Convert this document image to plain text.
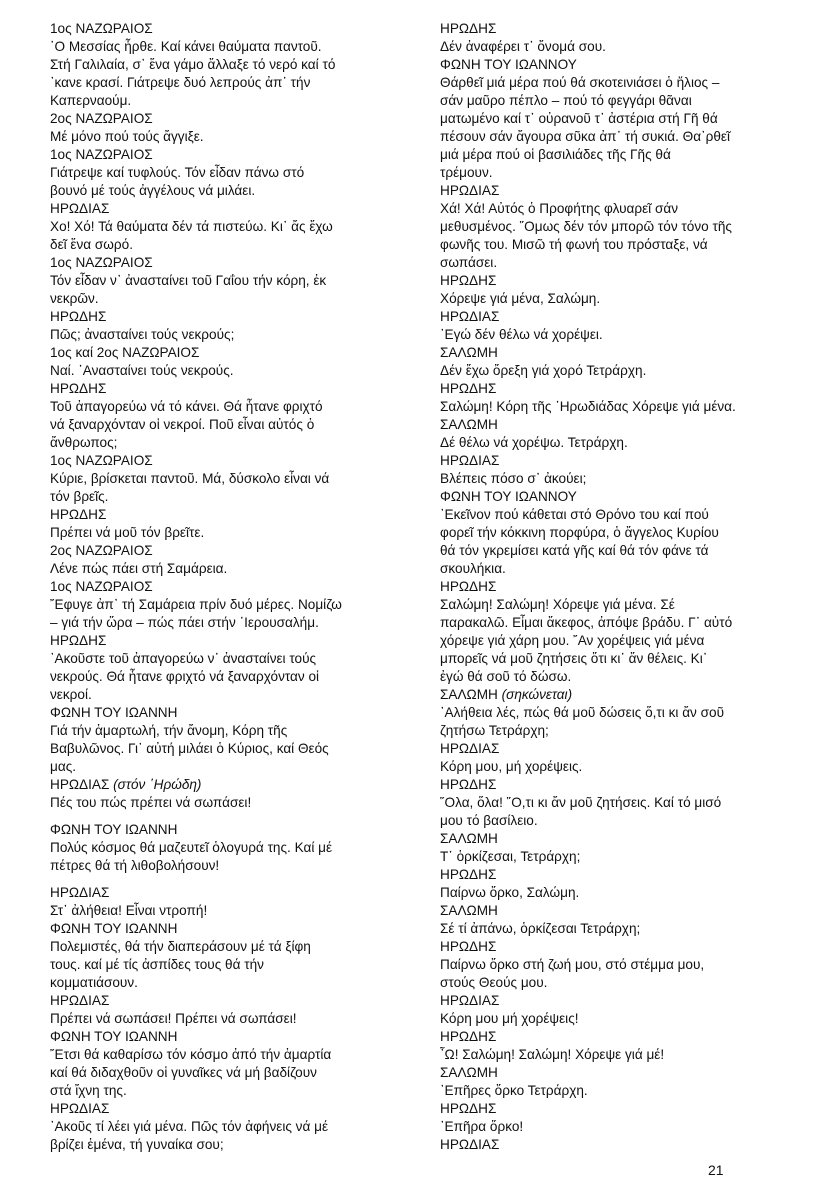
1ος ΝΑΖΩΡΑΙΟΣ
῾Ο Μεσσίας ἦρθε. Καί κάνει θαύματα παντοῦ.
Στή Γαλιλαία, σ᾽ ἕνα γάμο ἄλλαξε τό νερό καί τό
᾽κανε κρασί. Γιάτρεψε δυό λεπρούς ἀπ᾽ τήν
Καπερναούμ.
2ος ΝΑΖΩΡΑΙΟΣ
Μέ μόνο πού τούς ἄγγιξε.
1ος ΝΑΖΩΡΑΙΟΣ
Γιάτρεψε καί τυφλούς. Τόν εἶδαν πάνω στό
βουνό μέ τούς ἀγγέλους νά μιλάει.
ΗΡΩΔΙΑΣ
Χο! Χό! Τά θαύματα δέν τά πιστεύω. Κι᾽ ἄς ἔχω
δεῖ ἕνα σωρό.
1ος ΝΑΖΩΡΑΙΟΣ
Τόν εἶδαν ν᾽ ἀνασταίνει τοῦ Γαΐου τήν κόρη, ἐκ
νεκρῶν.
ΗΡΩΔΗΣ
Πῶς; ἀνασταίνει τούς νεκρούς;
1ος καί 2ος ΝΑΖΩΡΑΙΟΣ
Ναί. ᾽Ανασταίνει τούς νεκρούς.
ΗΡΩΔΗΣ
Τοῦ ἀπαγορεύω νά τό κάνει. Θά ἦτανε φριχτό
νά ξαναρχόνταν οἱ νεκροί. Ποῦ εἶναι αὐτός ὁ
ἄνθρωπος;
1ος ΝΑΖΩΡΑΙΟΣ
Κύριε, βρίσκεται παντοῦ. Μά, δύσκολο εἶναι νά
τόν βρεῖς.
ΗΡΩΔΗΣ
Πρέπει νά μοῦ τόν βρεῖτε.
2ος ΝΑΖΩΡΑΙΟΣ
Λένε πώς πάει στή Σαμάρεια.
1ος ΝΑΖΩΡΑΙΟΣ
῎Εφυγε ἀπ᾽ τή Σαμάρεια πρίν δυό μέρες. Νομίζω
– γιά τήν ὥρα – πώς πάει στήν ᾽Ιερουσαλήμ.
ΗΡΩΔΗΣ
᾽Ακοῦστε τοῦ ἀπαγορεύω ν᾽ ἀνασταίνει τούς
νεκρούς. Θά ἦτανε φριχτό νά ξαναρχόνταν οἱ
νεκροί.
ΦΩΝΗ ΤΟΥ ΙΩΑΝΝΗ
Γιά τήν ἁμαρτωλή, τήν ἄνομη, Κόρη τῆς
Βαβυλῶνος. Γι᾽ αὐτή μιλάει ὁ Κύριος, καί Θεός
μας.
ΗΡΩΔΙΑΣ (στόν ῾Ηρώδη)
Πές του πώς πρέπει νά σωπάσει!
ΦΩΝΗ ΤΟΥ ΙΩΑΝΝΗ
Πολύς κόσμος θά μαζευτεῖ ὁλογυρά της. Καί μέ
πέτρες θά τή λιθοβολήσουν!
ΗΡΩΔΙΑΣ
Στ᾽ ἀλήθεια! Εἶναι ντροπή!
ΦΩΝΗ ΤΟΥ ΙΩΑΝΝΗ
Πολεμιστές, θά τήν διαπεράσουν μέ τά ξίφη
τους. καί μέ τίς ἀσπίδες τους θά τήν
κομματιάσουν.
ΗΡΩΔΙΑΣ
Πρέπει νά σωπάσει! Πρέπει νά σωπάσει!
ΦΩΝΗ ΤΟΥ ΙΩΑΝΝΗ
῎Ετσι θά καθαρίσω τόν κόσμο ἀπό τήν ἁμαρτία
καί θά διδαχθοῦν οἱ γυναῖκες νά μή βαδίζουν
στά ἴχνη της.
ΗΡΩΔΙΑΣ
᾽Ακοῦς τί λέει γιά μένα. Πῶς τόν ἀφήνεις νά μέ
βρίζει ἐμένα, τή γυναίκα σου;
ΗΡΩΔΗΣ
Δέν ἀναφέρει τ᾽ ὄνομά σου.
ΦΩΝΗ ΤΟΥ ΙΩΑΝΝΟΥ
Θάρθεῖ μιά μέρα πού θά σκοτεινιάσει ὁ ἥλιος –
σάν μαῦρο πέπλο – πού τό φεγγάρι θᾶναι
ματωμένο καί τ᾽ οὐρανοῦ τ᾽ ἀστέρια στή Γῆ θά
πέσουν σάν ἄγουρα σῦκα ἀπ᾽ τή συκιά. Θα᾽ρθεῖ
μιά μέρα πού οἱ βασιλιάδες τῆς Γῆς θά
τρέμουν.
ΗΡΩΔΙΑΣ
Χά! Χά! Αὐτός ὁ Προφήτης φλυαρεῖ σάν
μεθυσμένος. ῞Ομως δέν τόν μπορῶ τόν τόνο τῆς
φωνῆς του. Μισῶ τή φωνή του πρόσταξε, νά
σωπάσει.
ΗΡΩΔΗΣ
Χόρεψε γιά μένα, Σαλώμη.
ΗΡΩΔΙΑΣ
᾽Εγώ δέν θέλω νά χορέψει.
ΣΑΛΩΜΗ
Δέν ἔχω ὄρεξη γιά χορό Τετράρχη.
ΗΡΩΔΗΣ
Σαλώμη! Κόρη τῆς ᾽Ηρωδιάδας Χόρεψε γιά μένα.
ΣΑΛΩΜΗ
Δέ θέλω νά χορέψω. Τετράρχη.
ΗΡΩΔΙΑΣ
Βλέπεις πόσο σ᾽ ἀκούει;
ΦΩΝΗ ΤΟΥ ΙΩΑΝΝΟΥ
᾽Εκεῖνον πού κάθεται στό Θρόνο του καί πού
φορεῖ τήν κόκκινη πορφύρα, ὁ ἄγγελος Κυρίου
θά τόν γκρεμίσει κατά γῆς καί θά τόν φάνε τά
σκουλήκια.
ΗΡΩΔΗΣ
Σαλώμη! Σαλώμη! Χόρεψε γιά μένα. Σέ
παρακαλῶ. Εἶμαι ἄκεφος, ἀπόψε βράδυ. Γ᾽ αὐτό
χόρεψε γιά χάρη μου. ῎Αν χορέψεις γιά μένα
μπορεῖς νά μοῦ ζητήσεις ὅτι κι᾽ ἄν θέλεις. Κι᾽
ἐγώ θά σοῦ τό δώσω.
ΣΑΛΩΜΗ (σηκώνεται)
᾽Αλήθεια λές, πώς θά μοῦ δώσεις ὅ,τι κι ἄν σοῦ
ζητήσω Τετράρχη;
ΗΡΩΔΙΑΣ
Κόρη μου, μή χορέψεις.
ΗΡΩΔΗΣ
῞Ολα, ὅλα! ῞Ο,τι κι ἄν μοῦ ζητήσεις. Καί τό μισό
μου τό βασίλειο.
ΣΑΛΩΜΗ
Τ᾽ ὁρκίζεσαι, Τετράρχη;
ΗΡΩΔΗΣ
Παίρνω ὅρκο, Σαλώμη.
ΣΑΛΩΜΗ
Σέ τί ἀπάνω, ὁρκίζεσαι Τετράρχη;
ΗΡΩΔΗΣ
Παίρνω ὅρκο στή ζωή μου, στό στέμμα μου,
στούς Θεούς μου.
ΗΡΩΔΙΑΣ
Κόρη μου μή χορέψεις!
ΗΡΩΔΗΣ
῏Ω! Σαλώμη! Σαλώμη! Χόρεψε γιά μέ!
ΣΑΛΩΜΗ
᾽Επῆρες ὅρκο Τετράρχη.
ΗΡΩΔΗΣ
᾽Επῆρα ὅρκο!
ΗΡΩΔΙΑΣ
21
